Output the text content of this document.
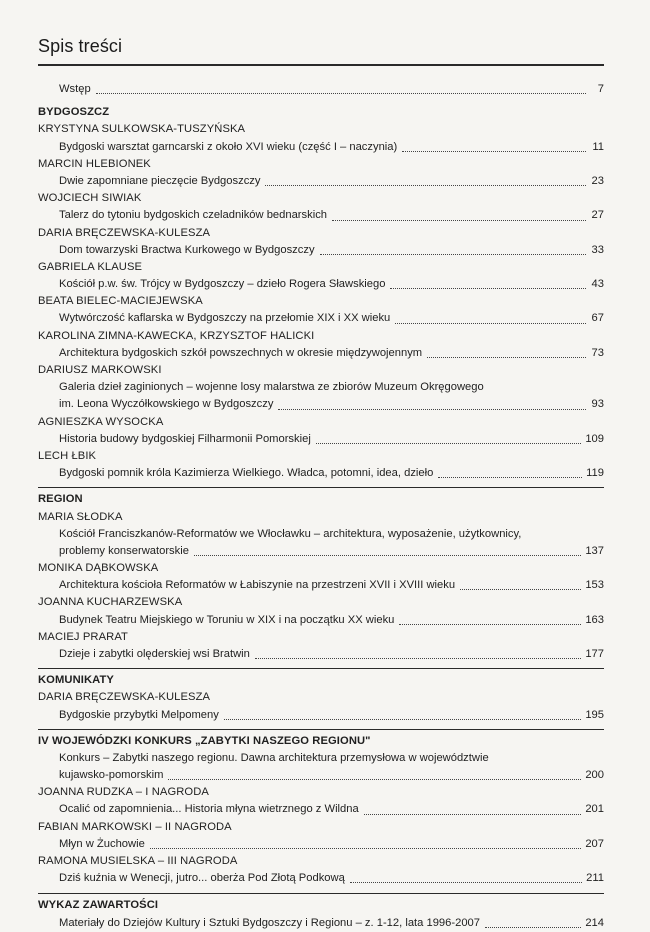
Spis treści
Wstęp	7
BYDGOSZCZ
KRYSTYNA SULKOWSKA-TUSZYŃSKA
Bydgoski warsztat garncarski z około XVI wieku (część I – naczynia)	11
MARCIN HLEBIONEK
Dwie zapomniane pieczęcie Bydgoszczy	23
WOJCIECH SIWIAK
Talerz do tytoniu bydgoskich czeladników bednarskich	27
DARIA BRĘCZEWSKA-KULESZA
Dom towarzyski Bractwa Kurkowego w Bydgoszczy	33
GABRIELA KLAUSE
Kościół p.w. św. Trójcy w Bydgoszczy – dzieło Rogera Sławskiego	43
BEATA BIELEC-MACIEJEWSKA
Wytwórczość kaflarska w Bydgoszczy na przełomie XIX i XX wieku	67
KAROLINA ZIMNA-KAWECKA, KRZYSZTOF HALICKI
Architektura bydgoskich szkół powszechnych w okresie międzywojennym	73
DARIUSZ MARKOWSKI
Galeria dzieł zaginionych – wojenne losy malarstwa ze zbiorów Muzeum Okręgowego
im. Leona Wyczółkowskiego w Bydgoszczy	93
AGNIESZKA WYSOCKA
Historia budowy bydgoskiej Filharmonii Pomorskiej	109
LECH ŁBIK
Bydgoski pomnik króla Kazimierza Wielkiego. Władca, potomni, idea, dzieło	119
REGION
MARIA SŁODKA
Kościół Franciszkanów-Reformatów we Włocławku – architektura, wyposażenie, użytkownicy,
problemy konserwatorskie	137
MONIKA DĄBKOWSKA
Architektura kościoła Reformatów w Łabiszynie na przestrzeni XVII i XVIII wieku	153
JOANNA KUCHARZEWSKA
Budynek Teatru Miejskiego w Toruniu w XIX i na początku XX wieku	163
MACIEJ PRARAT
Dzieje i zabytki olęderskiej wsi Bratwin	177
KOMUNIKATY
DARIA BRĘCZEWSKA-KULESZA
Bydgoskie przybytki Melpomeny	195
IV WOJEWÓDZKI KONKURS „ZABYTKI NASZEGO REGIONU"
Konkurs – Zabytki naszego regionu. Dawna architektura przemysłowa w województwie
kujawsko-pomorskim	200
JOANNA RUDZKA – I NAGRODA
Ocalić od zapomnienia... Historia młyna wietrznego z Wildna	201
FABIAN MARKOWSKI – II NAGRODA
Młyn w Żuchowie	207
RAMONA MUSIELSKA – III NAGRODA
Dziś kuźnia w Wenecji, jutro... oberża Pod Złotą Podkową	211
WYKAZ ZAWARTOŚCI
Materiały do Dziejów Kultury i Sztuki Bydgoszczy i Regionu – z. 1-12, lata 1996-2007	214
